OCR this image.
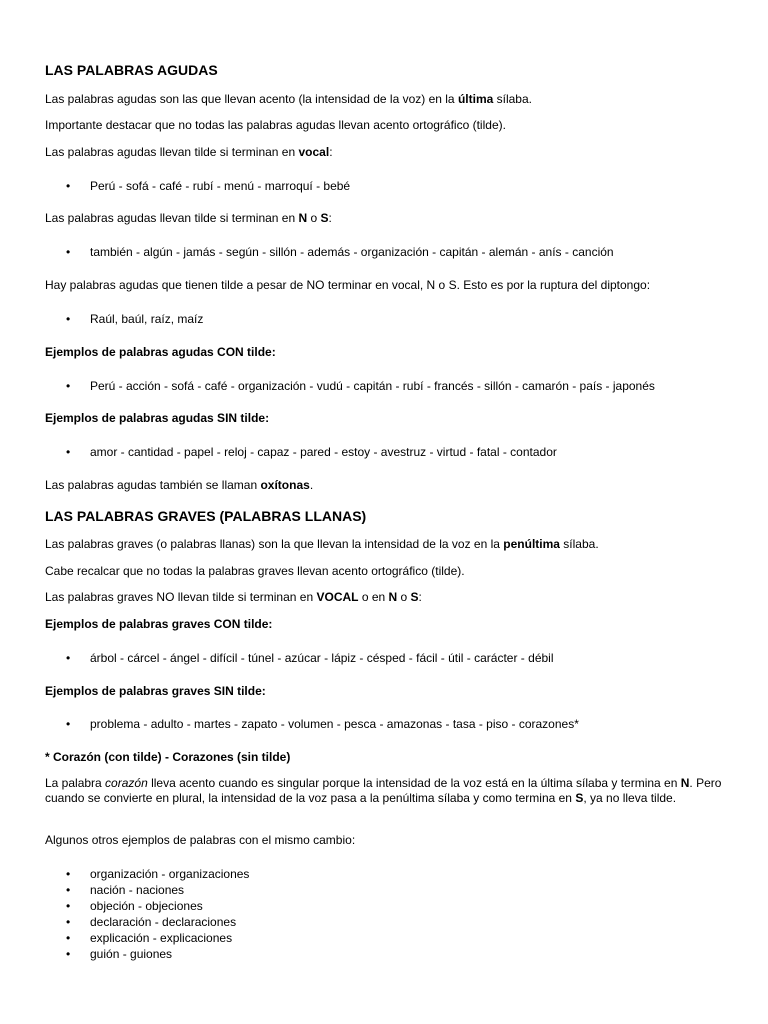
LAS PALABRAS AGUDAS
Las palabras agudas son las que llevan acento (la intensidad de la voz) en la última sílaba.
Importante destacar que no todas las palabras agudas llevan acento ortográfico (tilde).
Las palabras agudas llevan tilde si terminan en vocal:
• Perú - sofá - café - rubí - menú - marroquí - bebé
Las palabras agudas llevan tilde si terminan en N o S:
• también - algún - jamás - según - sillón - además - organización - capitán - alemán - anís - canción
Hay palabras agudas que tienen tilde a pesar de NO terminar en vocal, N o S. Esto es por la ruptura del diptongo:
• Raúl, baúl, raíz, maíz
Ejemplos de palabras agudas CON tilde:
• Perú - acción - sofá - café - organización - vudú - capitán - rubí - francés - sillón - camarón - país - japonés
Ejemplos de palabras agudas SIN tilde:
• amor - cantidad - papel - reloj - capaz - pared - estoy - avestruz - virtud - fatal - contador
Las palabras agudas también se llaman oxítonas.
LAS PALABRAS GRAVES (PALABRAS LLANAS)
Las palabras graves (o palabras llanas) son la que llevan la intensidad de la voz en la penúltima sílaba.
Cabe recalcar que no todas la palabras graves llevan acento ortográfico (tilde).
Las palabras graves NO llevan tilde si terminan en VOCAL o en N o S:
Ejemplos de palabras graves CON tilde:
• árbol - cárcel - ángel - difícil - túnel - azúcar - lápiz - césped - fácil - útil - carácter - débil
Ejemplos de palabras graves SIN tilde:
• problema - adulto - martes - zapato - volumen - pesca - amazonas - tasa - piso - corazones*
* Corazón (con tilde) - Corazones (sin tilde)
La palabra corazón lleva acento cuando es singular porque la intensidad de la voz está en la última sílaba y termina en N. Pero cuando se convierte en plural, la intensidad de la voz pasa a la penúltima sílaba y como termina en S, ya no lleva tilde.
Algunos otros ejemplos de palabras con el mismo cambio:
• organización - organizaciones
• nación - naciones
• objeción - objeciones
• declaración - declaraciones
• explicación - explicaciones
• guión - guiones
